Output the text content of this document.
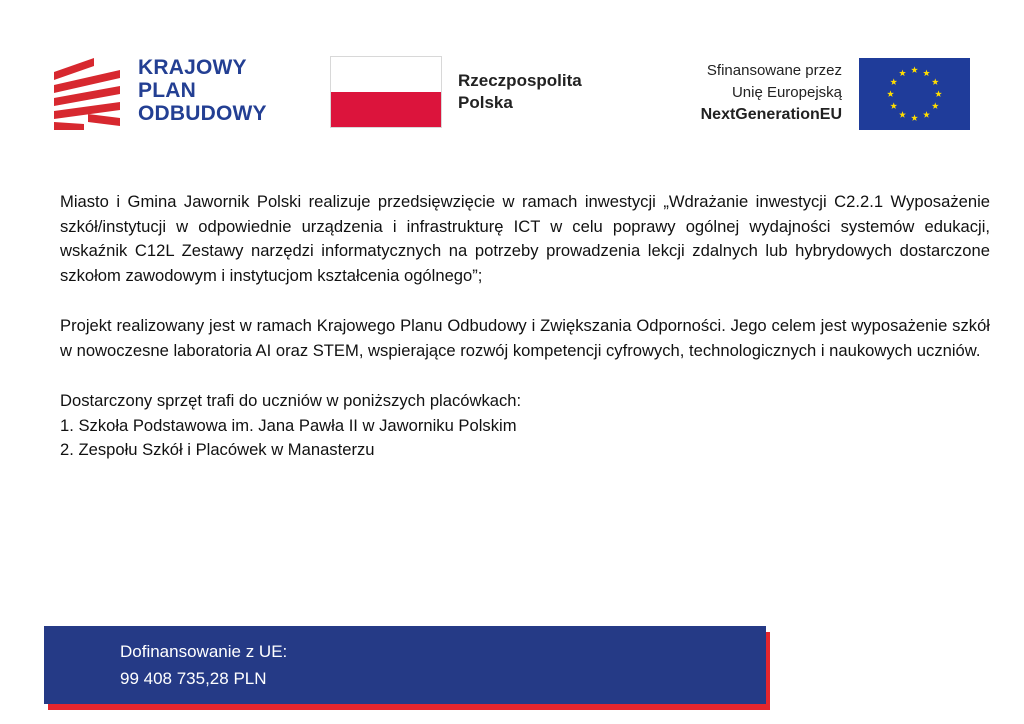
KRAJOWY
PLAN
ODBUDOWY
Rzeczpospolita
Polska
Sfinansowane przez
Unię Europejską
NextGenerationEU

Miasto i Gmina Jawornik Polski realizuje przedsięwzięcie w ramach inwestycji „Wdrażanie inwestycji C2.2.1 Wyposażenie szkół/instytucji w odpowiednie urządzenia i infrastrukturę ICT w celu poprawy ogólnej wydajności systemów edukacji, wskaźnik C12L Zestawy narzędzi informatycznych na potrzeby prowadzenia lekcji zdalnych lub hybrydowych dostarczone szkołom zawodowym i instytucjom kształcenia ogólnego”;

Projekt realizowany jest w ramach Krajowego Planu Odbudowy i Zwiększania Odporności. Jego celem jest wyposażenie szkół w nowoczesne laboratoria AI oraz STEM, wspierające rozwój kompetencji cyfrowych, technologicznych i naukowych uczniów.

Dostarczony sprzęt trafi do uczniów w poniższych placówkach:
1. Szkoła Podstawowa im. Jana Pawła II w Jaworniku Polskim
2. Zespołu Szkół i Placówek w Manasterzu
Dofinansowanie z UE:
99 408 735,28 PLN
